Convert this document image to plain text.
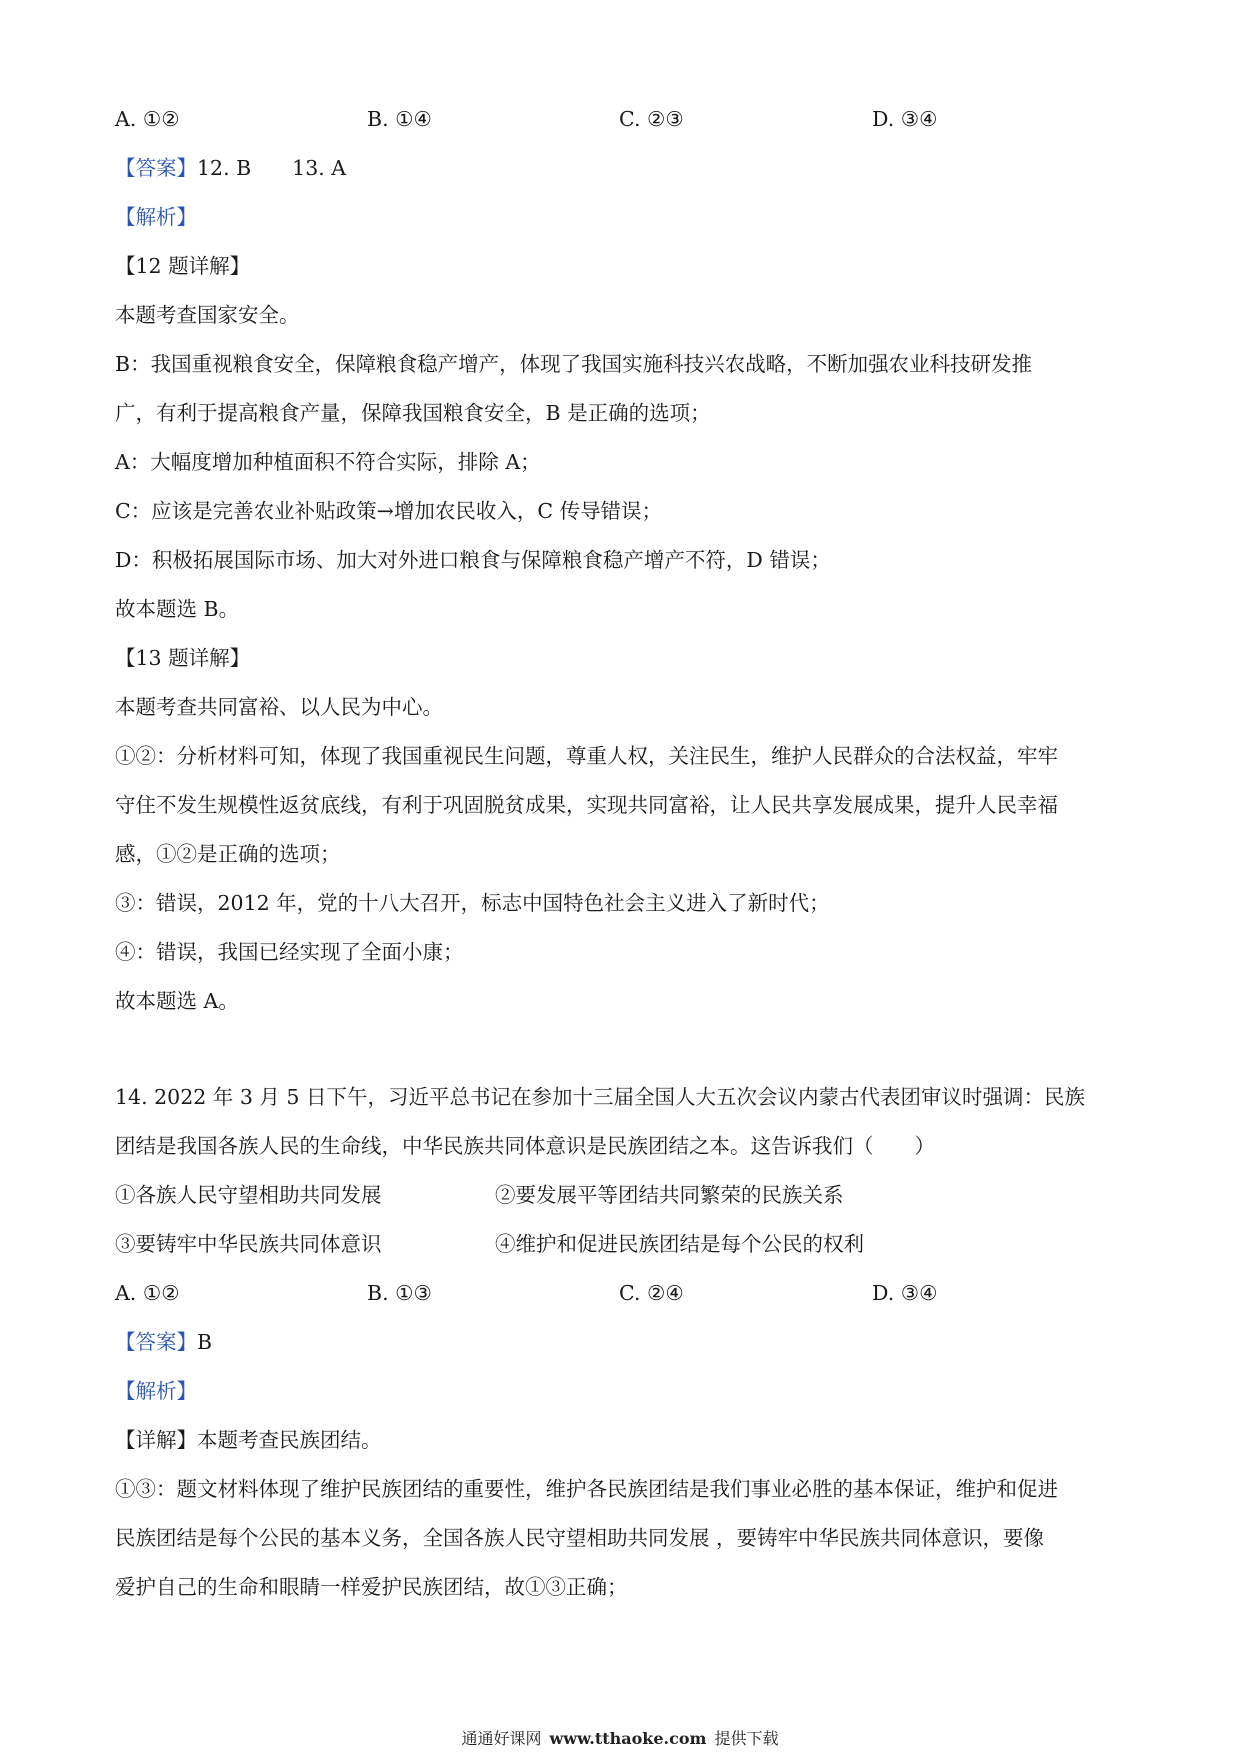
A. ①②	B. ①④	C. ②③	D. ③④
【答案】12. B　　13. A
【解析】
【12 题详解】
本题考查国家安全。
B：我国重视粮食安全，保障粮食稳产增产，体现了我国实施科技兴农战略，不断加强农业科技研发推
广，有利于提高粮食产量，保障我国粮食安全，B 是正确的选项；
A：大幅度增加种植面积不符合实际，排除 A；
C：应该是完善农业补贴政策→增加农民收入，C 传导错误；
D：积极拓展国际市场、加大对外进口粮食与保障粮食稳产增产不符，D 错误；
故本题选 B。
【13 题详解】
本题考查共同富裕、以人民为中心。
①②：分析材料可知，体现了我国重视民生问题，尊重人权，关注民生，维护人民群众的合法权益，牢牢
守住不发生规模性返贫底线，有利于巩固脱贫成果，实现共同富裕，让人民共享发展成果，提升人民幸福
感，①②是正确的选项；
③：错误，2012 年，党的十八大召开，标志中国特色社会主义进入了新时代；
④：错误，我国已经实现了全面小康；
故本题选 A。
14. 2022 年 3 月 5 日下午，习近平总书记在参加十三届全国人大五次会议内蒙古代表团审议时强调：民族
团结是我国各族人民的生命线，中华民族共同体意识是民族团结之本。这告诉我们（　　）
①各族人民守望相助共同发展	②要发展平等团结共同繁荣的民族关系
③要铸牢中华民族共同体意识	④维护和促进民族团结是每个公民的权利
A. ①②	B. ①③	C. ②④	D. ③④
【答案】B
【解析】
【详解】本题考查民族团结。
①③：题文材料体现了维护民族团结的重要性，维护各民族团结是我们事业必胜的基本保证，维护和促进
民族团结是每个公民的基本义务，全国各族人民守望相助共同发展 ，要铸牢中华民族共同体意识，要像
爱护自己的生命和眼睛一样爱护民族团结，故①③正确；
通通好课网 www.tthaoke.com 提供下载
